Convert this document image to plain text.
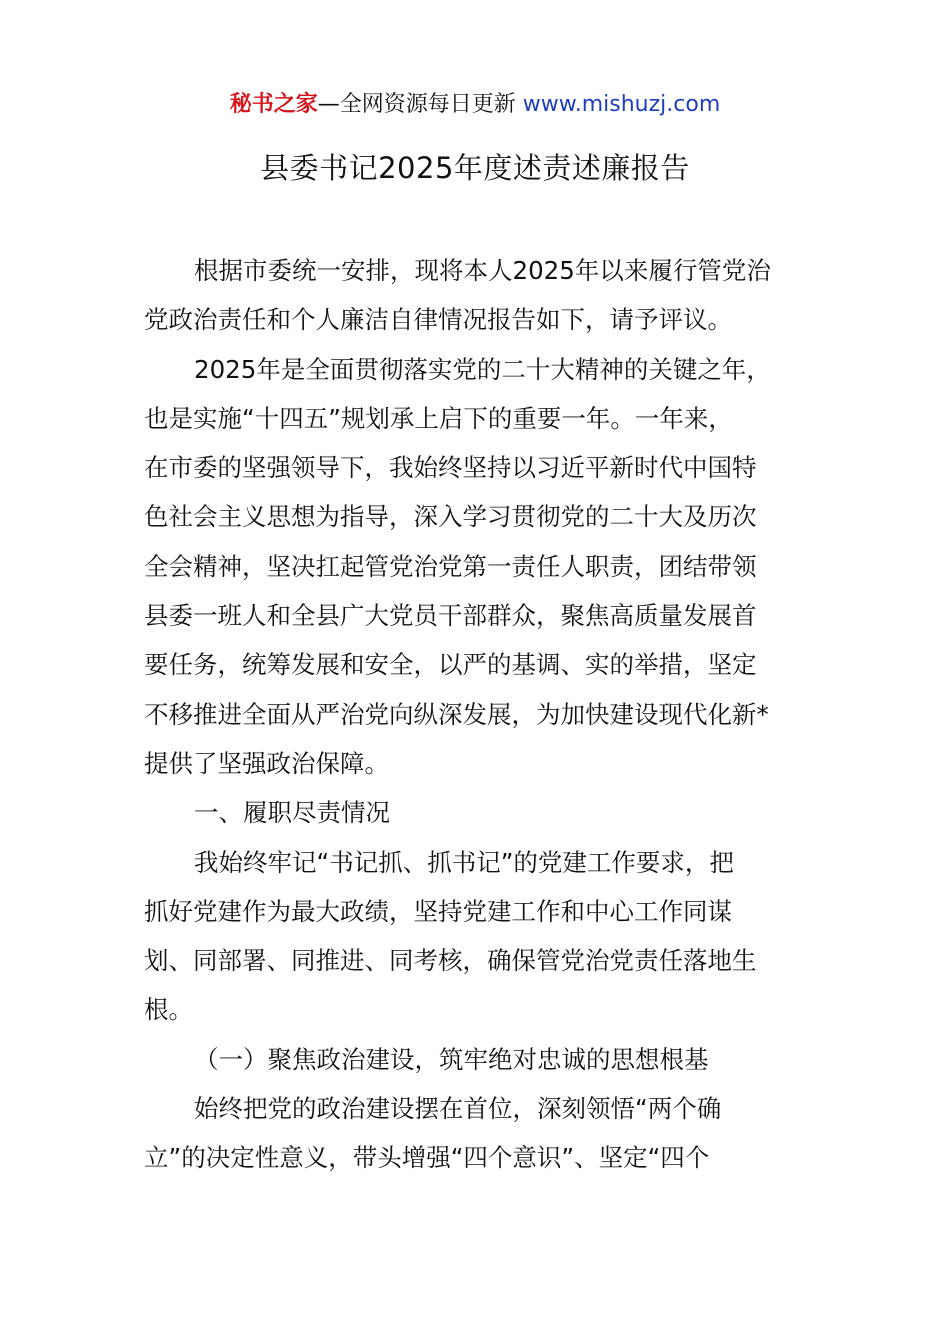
秘书之家—全网资源每日更新 www.mishuzj.com
县委书记2025年度述责述廉报告
根据市委统一安排，现将本人2025年以来履行管党治
党政治责任和个人廉洁自律情况报告如下，请予评议。
2025年是全面贯彻落实党的二十大精神的关键之年，
也是实施“十四五”规划承上启下的重要一年。一年来，
在市委的坚强领导下，我始终坚持以习近平新时代中国特
色社会主义思想为指导，深入学习贯彻党的二十大及历次
全会精神，坚决扛起管党治党第一责任人职责，团结带领
县委一班人和全县广大党员干部群众，聚焦高质量发展首
要任务，统筹发展和安全，以严的基调、实的举措，坚定
不移推进全面从严治党向纵深发展，为加快建设现代化新*
提供了坚强政治保障。
一、履职尽责情况
我始终牢记“书记抓、抓书记”的党建工作要求，把
抓好党建作为最大政绩，坚持党建工作和中心工作同谋
划、同部署、同推进、同考核，确保管党治党责任落地生
根。
（一）聚焦政治建设，筑牢绝对忠诚的思想根基
始终把党的政治建设摆在首位，深刻领悟“两个确
立”的决定性意义，带头增强“四个意识”、坚定“四个
